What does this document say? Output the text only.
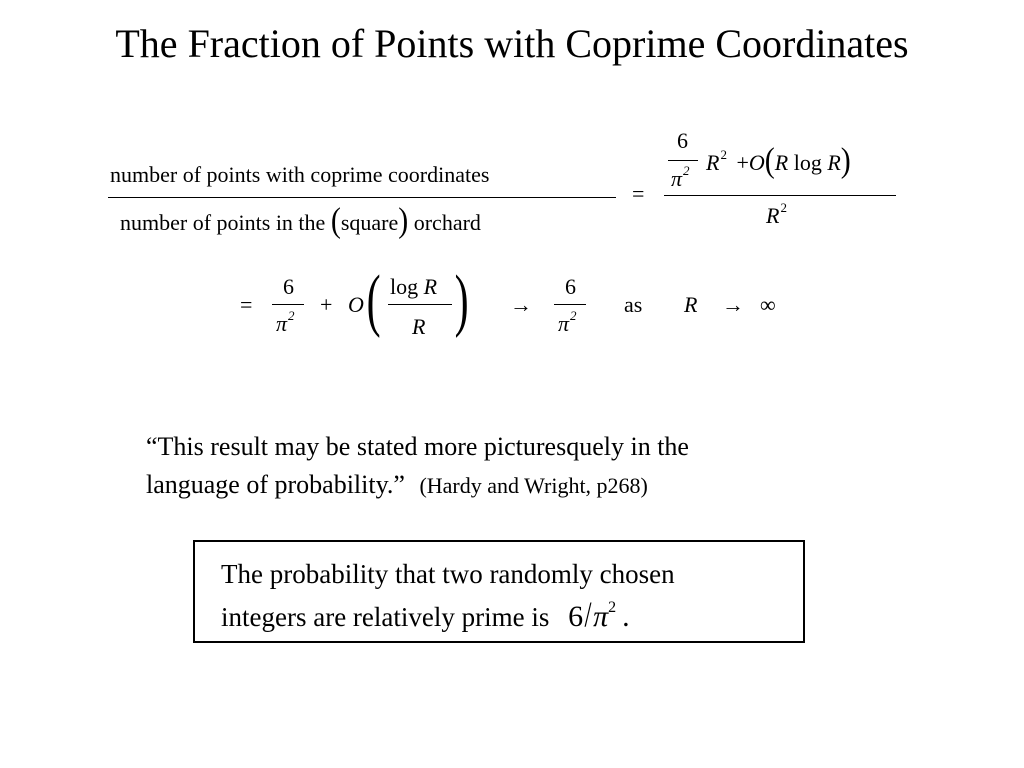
The Fraction of Points with Coprime Coordinates
number of points with coprime coordinates
number of points in the (square) orchard
=
6
$\pi^2$ $R^2 +O(R$ log R)
$R^2$
=
6
$\pi^2 + O$ ( log R
R ) →
6
$\pi^2$ as R → ∞
“This result may be stated more picturesquely in the
language of probability.” (Hardy and Wright, p268)
The probability that two randomly chosen
integers are relatively prime is $6/\pi^2$ .
